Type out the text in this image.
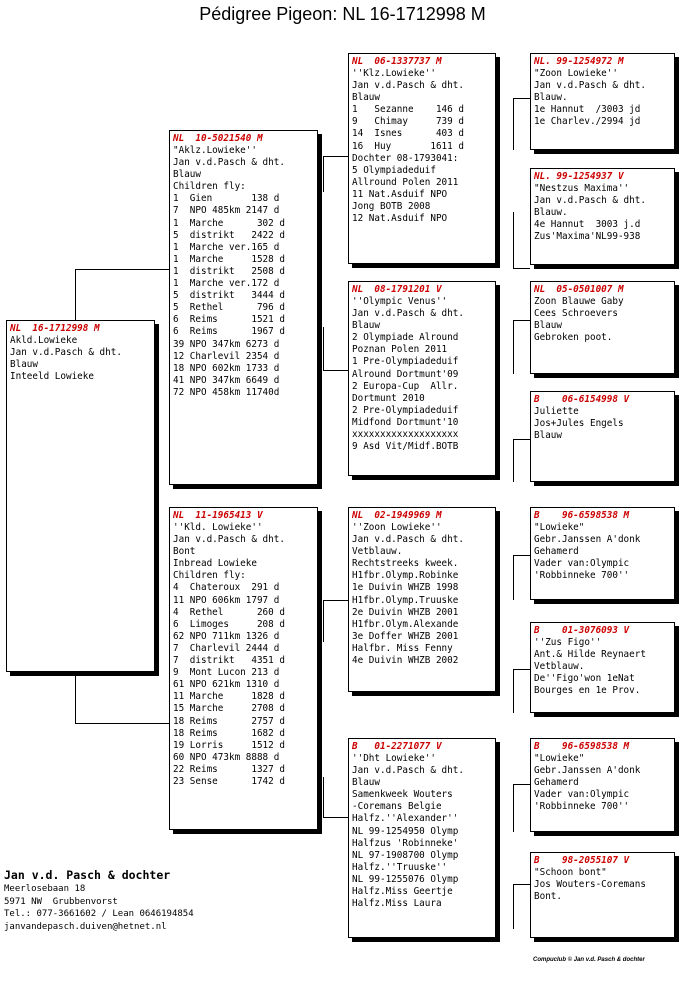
Pédigree Pigeon: NL 16-1712998 M
NL  16-1712998 M
Akld.Lowieke
Jan v.d.Pasch & dht.
Blauw
Inteeld Lowieke
NL  10-5021540 M
"Aklz.Lowieke''
Jan v.d.Pasch & dht.
Blauw
Children fly:
1  Gien       138 d
7  NPO 485km 2147 d
1  Marche      302 d
5  distrikt   2422 d
1  Marche ver.165 d
1  Marche     1528 d
1  distrikt   2508 d
1  Marche ver.172 d
5  distrikt   3444 d
5  Rethel      796 d
6  Reims      1521 d
6  Reims      1967 d
39 NPO 347km 6273 d
12 Charlevil 2354 d
18 NPO 602km 1733 d
41 NPO 347km 6649 d
72 NPO 458km 11740d
NL  11-1965413 V
''Kld. Lowieke''
Jan v.d.Pasch & dht.
Bont
Inbread Lowieke
Children fly:
4  Chateroux  291 d
11 NPO 606km 1797 d
4  Rethel      260 d
6  Limoges     208 d
62 NPO 711km 1326 d
7  Charlevil 2444 d
7  distrikt   4351 d
9  Mont Lucon 213 d
61 NPO 621km 1310 d
11 Marche     1828 d
15 Marche     2708 d
18 Reims      2757 d
18 Reims      1682 d
19 Lorris     1512 d
60 NPO 473km 8888 d
22 Reims      1327 d
23 Sense      1742 d
NL  06-1337737 M
''Klz.Lowieke''
Jan v.d.Pasch & dht.
Blauw
1   Sezanne    146 d
9   Chimay     739 d
14  Isnes      403 d
16  Huy       1611 d
Dochter 08-1793041:
5 Olympiadeduif
Allround Polen 2011
11 Nat.Asduif NPO
Jong BOTB 2008
12 Nat.Asduif NPO
NL  08-1791201 V
''Olympic Venus''
Jan v.d.Pasch & dht.
Blauw
2 Olympiade Alround
Poznan Polen 2011
1 Pre-Olympiadeduif
Alround Dortmunt'09
2 Europa-Cup  Allr.
Dortmunt 2010
2 Pre-Olympiadeduif
Midfond Dortmunt'10
xxxxxxxxxxxxxxxxxxx
9 Asd Vit/Midf.BOTB
NL  02-1949969 M
''Zoon Lowieke''
Jan v.d.Pasch & dht.
Vetblauw.
Rechtstreeks kweek.
H1fbr.Olymp.Robinke
1e Duivin WHZB 1998
H1fbr.Olymp.Truuske
2e Duivin WHZB 2001
H1fbr.Olym.Alexande
3e Doffer WHZB 2001
Halfbr. Miss Fenny
4e Duivin WHZB 2002
B   01-2271077 V
''Dht Lowieke''
Jan v.d.Pasch & dht.
Blauw
Samenkweek Wouters
-Coremans Belgie
Halfz.''Alexander''
NL 99-1254950 Olymp
Halfzus 'Robinneke'
NL 97-1908700 Olymp
Halfz.''Truuske''
NL 99-1255076 Olymp
Halfz.Miss Geertje
Halfz.Miss Laura
NL. 99-1254972 M
"Zoon Lowieke''
Jan v.d.Pasch & dht.
Blauw.
1e Hannut  /3003 jd
1e Charlev./2994 jd
NL. 99-1254937 V
"Nestzus Maxima''
Jan v.d.Pasch & dht.
Blauw.
4e Hannut  3003 j.d
Zus'Maxima'NL99-938
NL  05-0501007 M
Zoon Blauwe Gaby
Cees Schroevers
Blauw
Gebroken poot.
B    06-6154998 V
Juliette
Jos+Jules Engels
Blauw
B    96-6598538 M
"Lowieke"
Gebr.Janssen A'donk
Gehamerd
Vader van:Olympic
'Robbinneke 700''
B    01-3076093 V
''Zus Figo''
Ant.& Hilde Reynaert
Vetblauw.
De''Figo'won 1eNat
Bourges en 1e Prov.
B    96-6598538 M
"Lowieke"
Gebr.Janssen A'donk
Gehamerd
Vader van:Olympic
'Robbinneke 700''
B    98-2055107 V
"Schoon bont"
Jos Wouters-Coremans
Bont.
Jan v.d. Pasch & dochter
Meerlosebaan 18
5971 NW  Grubbenvorst
Tel.: 077-3661602 / Lean 0646194854
janvandepasch.duiven@hetnet.nl
Compuclub © Jan v.d. Pasch & dochter
